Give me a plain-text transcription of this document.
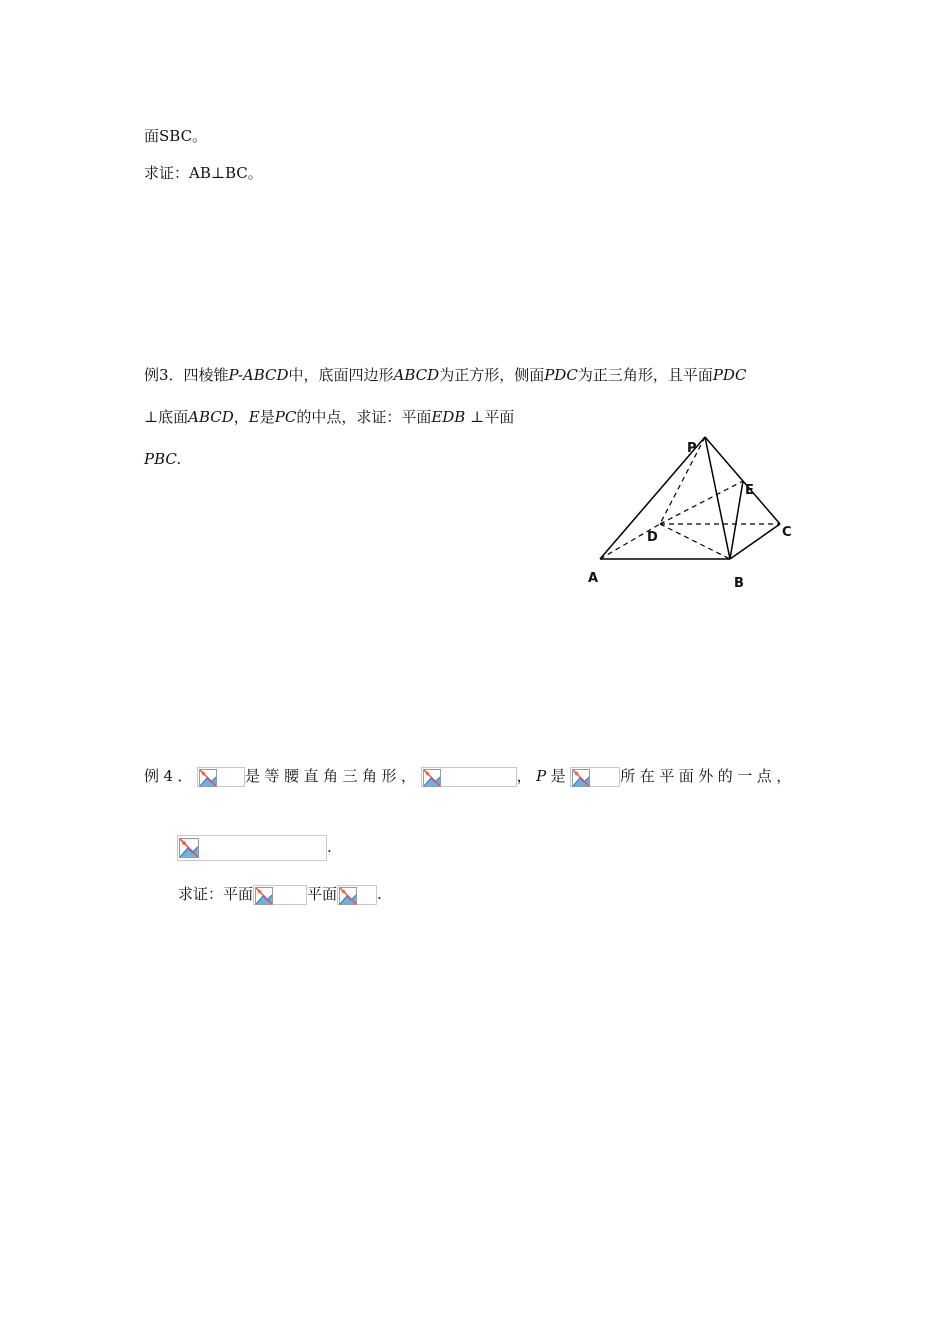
面SBC。
求证：AB⊥BC。
例3．四棱锥P-ABCD中，底面四边形ABCD为正方形，侧面PDC为正三角形，且平面PDC
⊥底面ABCD，E是PC的中点，求证：平面EDB ⊥平面
PBC.
P
E
D	C
A	B
例4．	是等腰直角三角形，	，P是	所在平面外的一点，
.
求证：平面	平面	.
